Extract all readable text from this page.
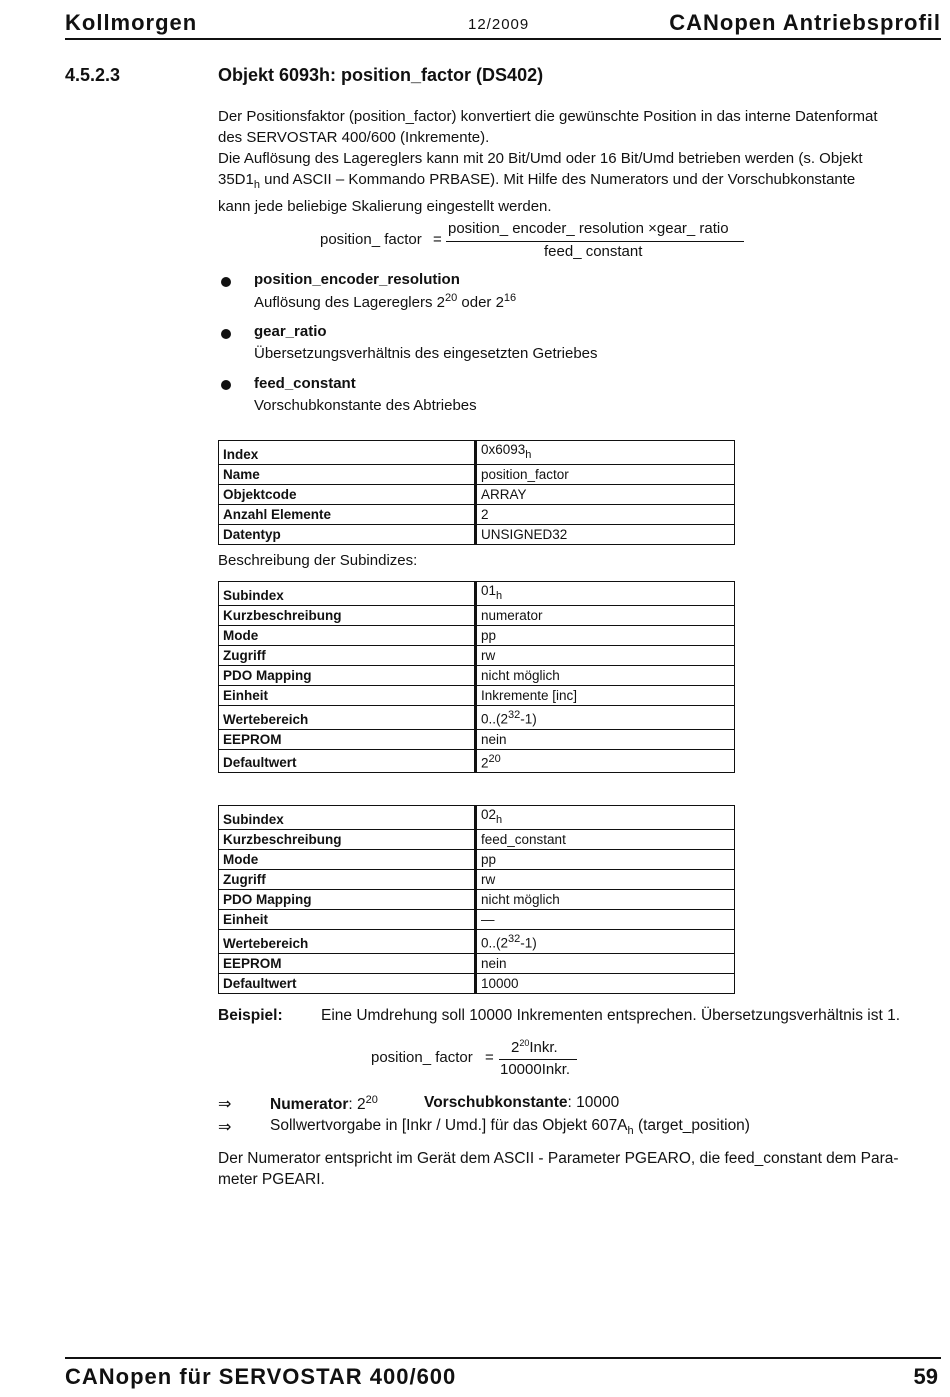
Kollmorgen	12/2009	CANopen Antriebsprofil
4.5.2.3	Objekt 6093h: position_factor (DS402)
Der Positionsfaktor (position_factor) konvertiert die gewünschte Position in das interne Datenformat
des SERVOSTAR 400/600 (Inkremente).
Die Auflösung des Lagereglers kann mit 20 Bit/Umd oder 16 Bit/Umd betrieben werden (s. Objekt
$35D1_h$ und ASCII – Kommando PRBASE). Mit Hilfe des Numerators und der Vorschubkonstante
kann jede beliebige Skalierung eingestellt werden.
position_ factor =
position_ encoder_ resolution ×gear_ ratio
feed_ constant
position_encoder_resolution
Auflösung des Lagereglers $2^{20}$ oder $2^{16}$
gear_ratio
Übersetzungsverhältnis des eingesetzten Getriebes
feed_constant
Vorschubkonstante des Abtriebes
Index	$0x6093_h$
Name	position_factor
Objektcode	ARRAY
Anzahl Elemente	2
Datentyp	UNSIGNED32
Beschreibung der Subindizes:
Subindex	$01_h$
Kurzbeschreibung	numerator
Mode	pp
Zugriff	rw
PDO Mapping	nicht möglich
Einheit	Inkremente [inc]
Wertebereich	$0..(2^{32}-1)$
EEPROM	nein
Defaultwert	$2^{20}$
Subindex	$02_h$
Kurzbeschreibung	feed_constant
Mode	pp
Zugriff	rw
PDO Mapping	nicht möglich
Einheit	—
Wertebereich	$0..(2^{32}-1)$
EEPROM	nein
Defaultwert	10000
Beispiel: Eine Umdrehung soll 10000 Inkrementen entsprechen. Übersetzungsverhältnis ist 1.
position_ factor =
$2^{20}Inkr$.
10000Inkr.
⇒ Numerator: $2^{20}$	Vorschubkonstante: 10000
⇒ Sollwertvorgabe in [Inkr / Umd.] für das Objekt $607A_h$ (target_position)
Der Numerator entspricht im Gerät dem ASCII - Parameter PGEARO, die feed_constant dem Para-
meter PGEARI.
CANopen für SERVOSTAR 400/600	59
